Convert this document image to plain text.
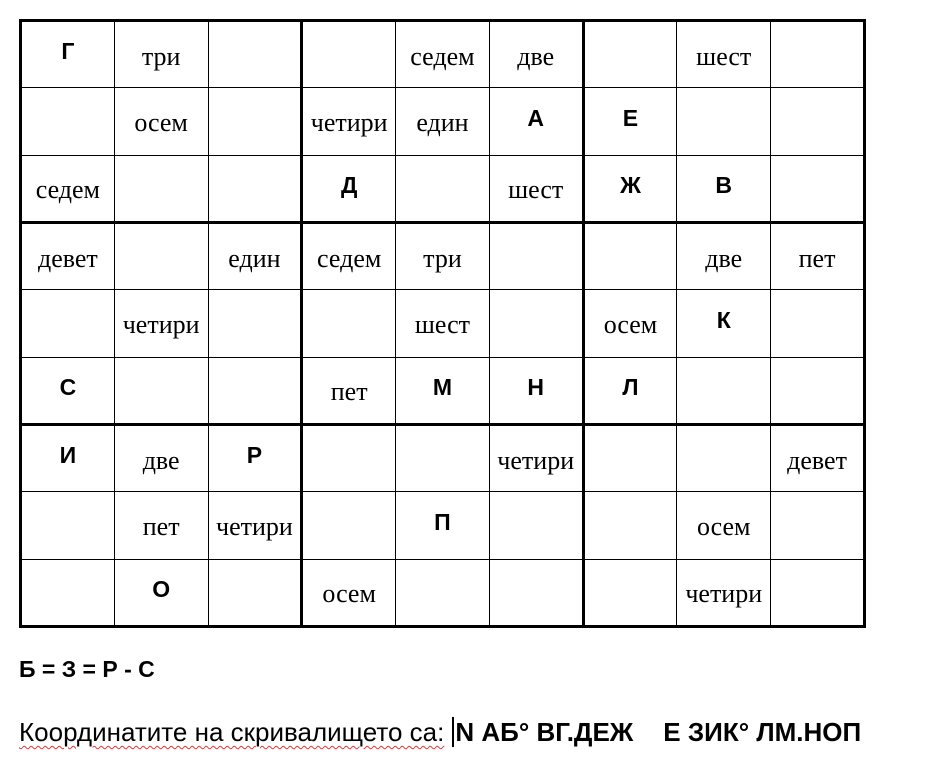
Г	три			седем	две		шест	
	осем		четири	един	А	Е		
седем			Д		шест	Ж	В	
девет		един	седем	три			две	пет
	четири			шест		осем	К	
С			пет	М	Н	Л		
И	две	Р			четири			девет
	пет	четири		П			осем	
	О		осем				четири	
Б = З = Р - С
Координатите на скривалището са: N АБ° ВГ.ДЕЖ Е ЗИК° ЛМ.НОП
